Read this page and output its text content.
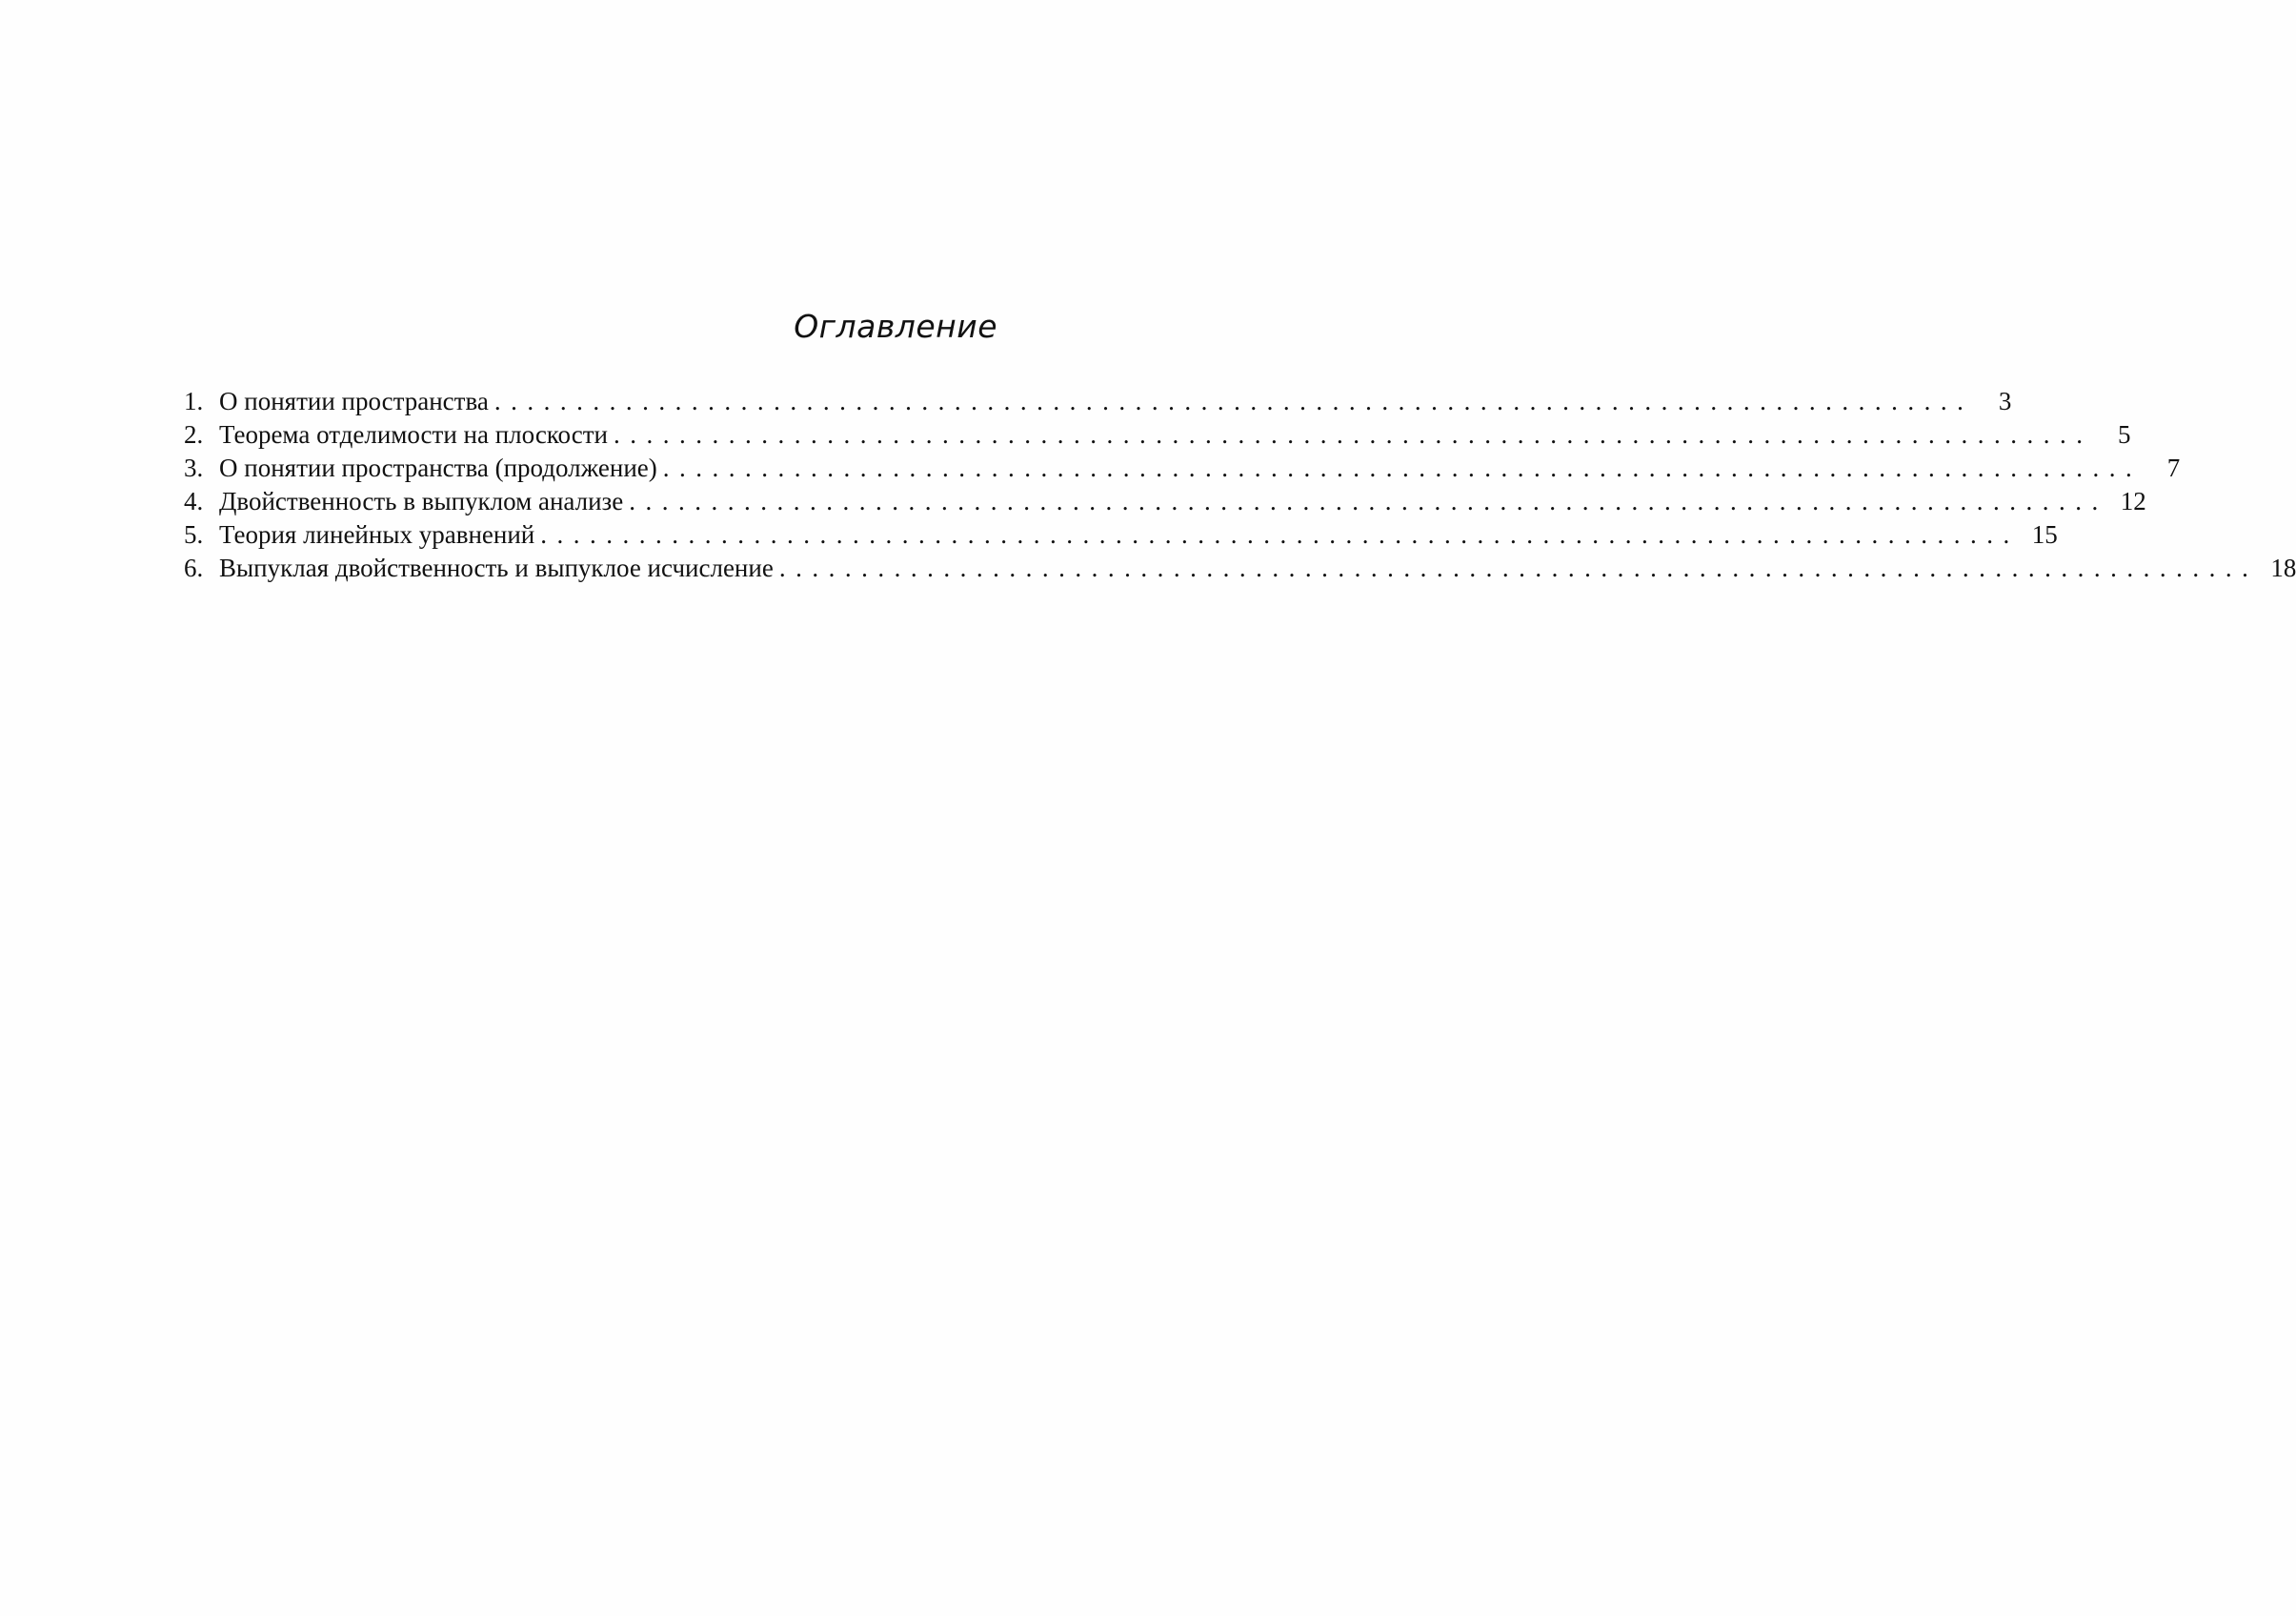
Оглавление
1. О понятии пространства .......................................................................................... 3
2. Теорема отделимости на плоскости .......................................................................................... 5
3. О понятии пространства (продолжение) .......................................................................................... 7
4. Двойственность в выпуклом анализе .......................................................................................... 12
5. Теория линейных уравнений .......................................................................................... 15
6. Выпуклая двойственность и выпуклое исчисление .......................................................................................... 18
